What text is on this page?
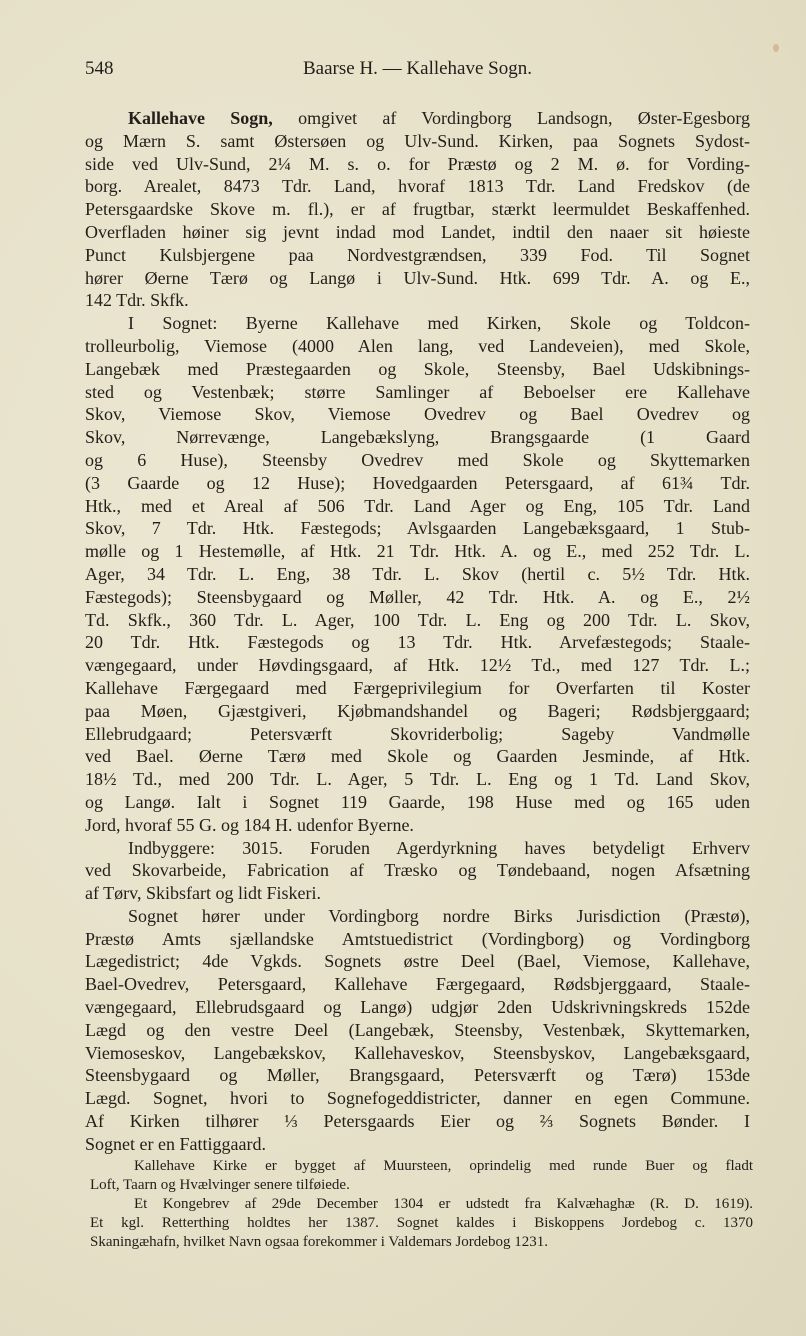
548	Baarse H. — Kallehave Sogn.
Kallehave Sogn, omgivet af Vordingborg Landsogn, Øster-Egesborg
og Mærn S. samt Østersøen og Ulv-Sund. Kirken, paa Sognets Sydost-
side ved Ulv-Sund, 2¼ M. s. o. for Præstø og 2 M. ø. for Vording-
borg. Arealet, 8473 Tdr. Land, hvoraf 1813 Tdr. Land Fredskov (de
Petersgaardske Skove m. fl.), er af frugtbar, stærkt leermuldet Beskaffenhed.
Overfladen høiner sig jevnt indad mod Landet, indtil den naaer sit høieste
Punct Kulsbjergene paa Nordvestgrændsen, 339 Fod. Til Sognet
hører Øerne Tærø og Langø i Ulv-Sund. Htk. 699 Tdr. A. og E.,
142 Tdr. Skfk.
I Sognet: Byerne Kallehave med Kirken, Skole og Toldcon-
trolleurbolig, Viemose (4000 Alen lang, ved Landeveien), med Skole,
Langebæk med Præstegaarden og Skole, Steensby, Bael Udskibnings-
sted og Vestenbæk; større Samlinger af Beboelser ere Kallehave
Skov, Viemose Skov, Viemose Ovedrev og Bael Ovedrev og
Skov, Nørrevænge, Langebækslyng, Brangsgaarde (1 Gaard
og 6 Huse), Steensby Ovedrev med Skole og Skyttemarken
(3 Gaarde og 12 Huse); Hovedgaarden Petersgaard, af 61¾ Tdr.
Htk., med et Areal af 506 Tdr. Land Ager og Eng, 105 Tdr. Land
Skov, 7 Tdr. Htk. Fæstegods; Avlsgaarden Langebæksgaard, 1 Stub-
mølle og 1 Hestemølle, af Htk. 21 Tdr. Htk. A. og E., med 252 Tdr. L.
Ager, 34 Tdr. L. Eng, 38 Tdr. L. Skov (hertil c. 5½ Tdr. Htk.
Fæstegods); Steensbygaard og Møller, 42 Tdr. Htk. A. og E., 2½
Td. Skfk., 360 Tdr. L. Ager, 100 Tdr. L. Eng og 200 Tdr. L. Skov,
20 Tdr. Htk. Fæstegods og 13 Tdr. Htk. Arvefæstegods; Staale-
vængegaard, under Høvdingsgaard, af Htk. 12½ Td., med 127 Tdr. L.;
Kallehave Færgegaard med Færgeprivilegium for Overfarten til Koster
paa Møen, Gjæstgiveri, Kjøbmandshandel og Bageri; Rødsbjerggaard;
Ellebrudgaard; Petersværft Skovriderbolig; Sageby Vandmølle
ved Bael. Øerne Tærø med Skole og Gaarden Jesminde, af Htk.
18½ Td., med 200 Tdr. L. Ager, 5 Tdr. L. Eng og 1 Td. Land Skov,
og Langø. Ialt i Sognet 119 Gaarde, 198 Huse med og 165 uden
Jord, hvoraf 55 G. og 184 H. udenfor Byerne.
Indbyggere: 3015. Foruden Agerdyrkning haves betydeligt Erhverv
ved Skovarbeide, Fabrication af Træsko og Tøndebaand, nogen Afsætning
af Tørv, Skibsfart og lidt Fiskeri.
Sognet hører under Vordingborg nordre Birks Jurisdiction (Præstø),
Præstø Amts sjællandske Amtstuedistrict (Vordingborg) og Vordingborg
Lægedistrict; 4de Vgkds. Sognets østre Deel (Bael, Viemose, Kallehave,
Bael-Ovedrev, Petersgaard, Kallehave Færgegaard, Rødsbjerggaard, Staale-
vængegaard, Ellebrudsgaard og Langø) udgjør 2den Udskrivningskreds 152de
Lægd og den vestre Deel (Langebæk, Steensby, Vestenbæk, Skyttemarken,
Viemoseskov, Langebækskov, Kallehaveskov, Steensbyskov, Langebæksgaard,
Steensbygaard og Møller, Brangsgaard, Petersværft og Tærø) 153de
Lægd. Sognet, hvori to Sognefogeddistricter, danner en egen Commune.
Af Kirken tilhører ⅓ Petersgaards Eier og ⅔ Sognets Bønder. I
Sognet er en Fattiggaard.
Kallehave Kirke er bygget af Muursteen, oprindelig med runde Buer og fladt
Loft, Taarn og Hvælvinger senere tilføiede.
Et Kongebrev af 29de December 1304 er udstedt fra Kalvæhaghæ (R. D. 1619).
Et kgl. Retterthing holdtes her 1387. Sognet kaldes i Biskoppens Jordebog c. 1370
Skaningæhafn, hvilket Navn ogsaa forekommer i Valdemars Jordebog 1231.
